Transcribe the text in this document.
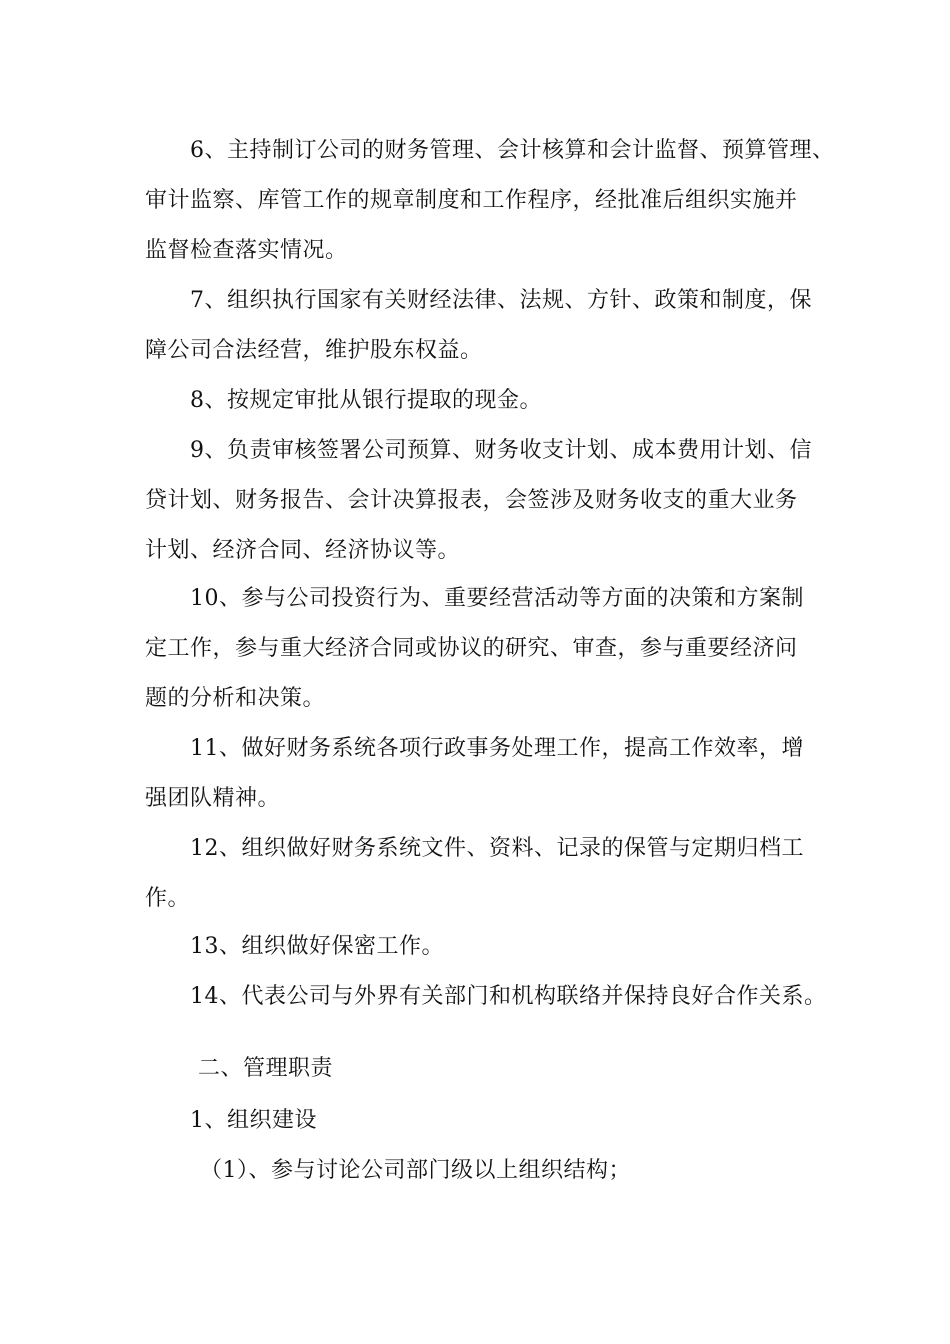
6、主持制订公司的财务管理、会计核算和会计监督、预算管理、
审计监察、库管工作的规章制度和工作程序，经批准后组织实施并
监督检查落实情况。
7、组织执行国家有关财经法律、法规、方针、政策和制度，保
障公司合法经营，维护股东权益。
8、按规定审批从银行提取的现金。
9、负责审核签署公司预算、财务收支计划、成本费用计划、信
贷计划、财务报告、会计决算报表，会签涉及财务收支的重大业务
计划、经济合同、经济协议等。
10、参与公司投资行为、重要经营活动等方面的决策和方案制
定工作，参与重大经济合同或协议的研究、审查，参与重要经济问
题的分析和决策。
11、做好财务系统各项行政事务处理工作，提高工作效率，增
强团队精神。
12、组织做好财务系统文件、资料、记录的保管与定期归档工
作。
13、组织做好保密工作。
14、代表公司与外界有关部门和机构联络并保持良好合作关系。
二、管理职责
1、组织建设
（1）、参与讨论公司部门级以上组织结构；
